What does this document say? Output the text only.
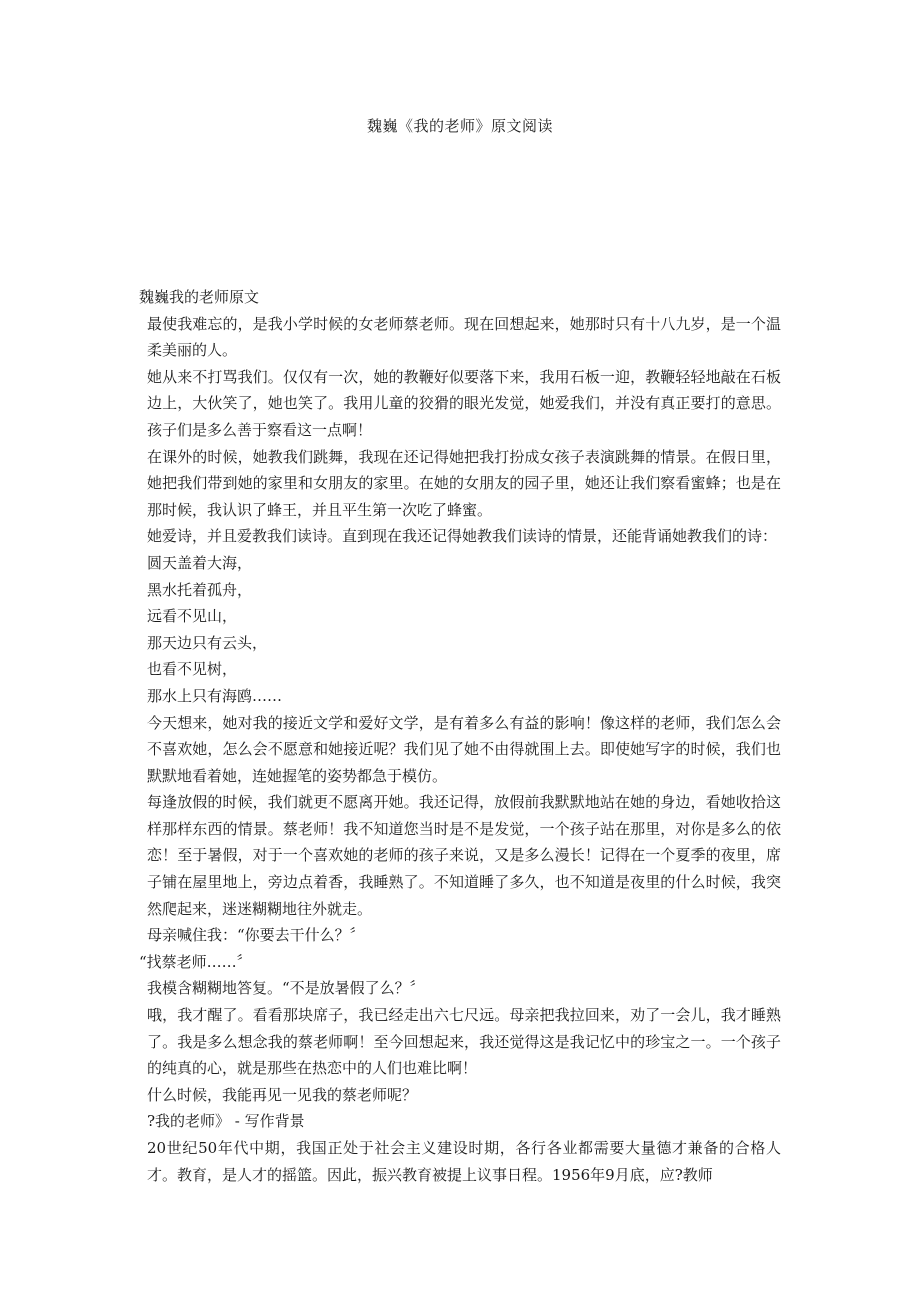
魏巍《我的老师》原文阅读

魏巍我的老师原文

最使我难忘的，是我小学时候的女老师蔡老师。现在回想起来，她那时只有十八九岁，是一个温柔美丽的人。

她从来不打骂我们。仅仅有一次，她的教鞭好似要落下来，我用石板一迎，教鞭轻轻地敲在石板边上，大伙笑了，她也笑了。我用儿童的狡猾的眼光发觉，她爱我们，并没有真正要打的意思。孩子们是多么善于察看这一点啊！

在课外的时候，她教我们跳舞，我现在还记得她把我打扮成女孩子表演跳舞的情景。在假日里，她把我们带到她的家里和女朋友的家里。在她的女朋友的园子里，她还让我们察看蜜蜂；也是在那时候，我认识了蜂王，并且平生第一次吃了蜂蜜。

她爱诗，并且爱教我们读诗。直到现在我还记得她教我们读诗的情景，还能背诵她教我们的诗：

圆天盖着大海，

黑水托着孤舟，

远看不见山，

那天边只有云头，

也看不见树，

那水上只有海鸥……

今天想来，她对我的接近文学和爱好文学，是有着多么有益的影响！像这样的老师，我们怎么会不喜欢她，怎么会不愿意和她接近呢？我们见了她不由得就围上去。即使她写字的时候，我们也默默地看着她，连她握笔的姿势都急于模仿。

每逢放假的时候，我们就更不愿离开她。我还记得，放假前我默默地站在她的身边，看她收拾这样那样东西的情景。蔡老师！我不知道您当时是不是发觉，一个孩子站在那里，对你是多么的依恋！至于暑假，对于一个喜欢她的老师的孩子来说，又是多么漫长！记得在一个夏季的夜里，席子铺在屋里地上，旁边点着香，我睡熟了。不知道睡了多久，也不知道是夜里的什么时候，我突然爬起来，迷迷糊糊地往外就走。

母亲喊住我：“你要去干什么？〞

“找蔡老师……〞

我模含糊糊地答复。“不是放暑假了么？〞

哦，我才醒了。看看那块席子，我已经走出六七尺远。母亲把我拉回来，劝了一会儿，我才睡熟了。我是多么想念我的蔡老师啊！至今回想起来，我还觉得这是我记忆中的珍宝之一。一个孩子的纯真的心，就是那些在热恋中的人们也难比啊！

什么时候，我能再见一见我的蔡老师呢？

?我的老师》 - 写作背景

20世纪50年代中期，我国正处于社会主义建设时期，各行各业都需要大量德才兼备的合格人才。教育，是人才的摇篮。因此，振兴教育被提上议事日程。1956年9月底，应?教师
